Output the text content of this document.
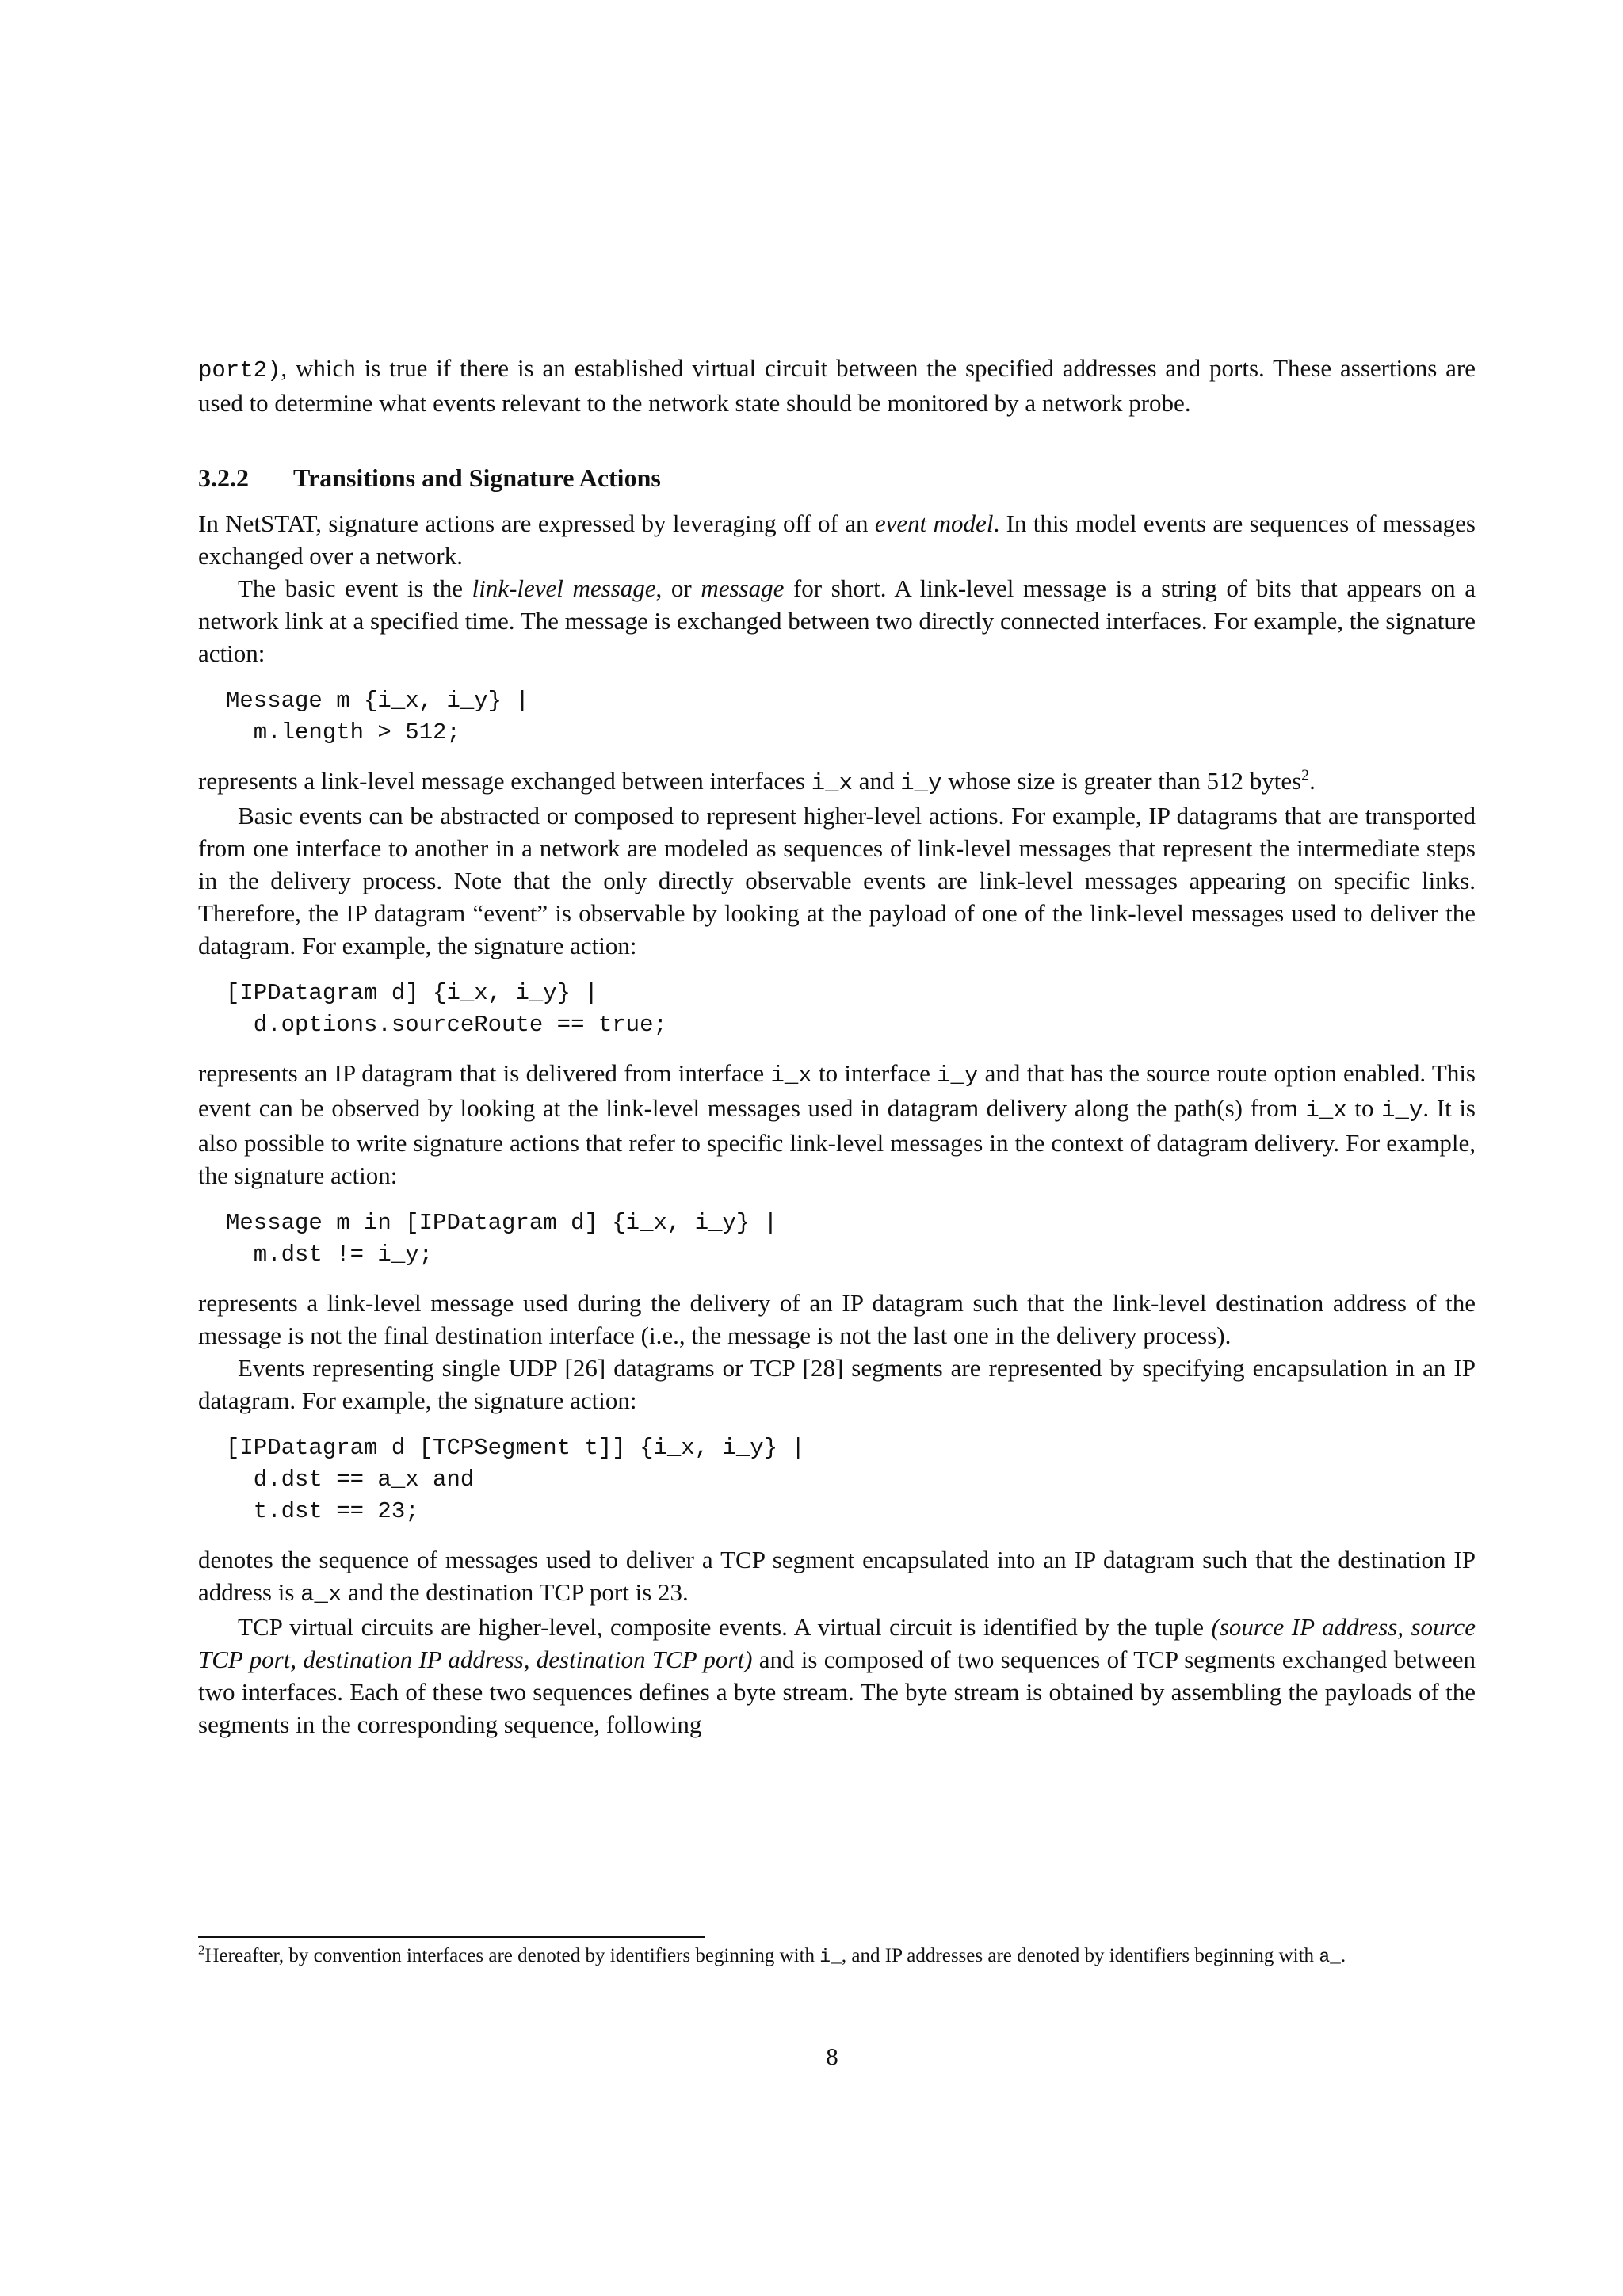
port2), which is true if there is an established virtual circuit between the specified addresses and ports. These assertions are used to determine what events relevant to the network state should be monitored by a network probe.

3.2.2 Transitions and Signature Actions

In NetSTAT, signature actions are expressed by leveraging off of an event model. In this model events are sequences of messages exchanged over a network.

The basic event is the link-level message, or message for short. A link-level message is a string of bits that appears on a network link at a specified time. The message is exchanged between two directly connected interfaces. For example, the signature action:

Message m {i_x, i_y} |
m.length > 512;

represents a link-level message exchanged between interfaces i_x and i_y whose size is greater than 512 bytes$^2$.

Basic events can be abstracted or composed to represent higher-level actions. For example, IP datagrams that are transported from one interface to another in a network are modeled as sequences of link-level messages that represent the intermediate steps in the delivery process. Note that the only directly observable events are link-level messages appearing on specific links. Therefore, the IP datagram “event” is observable by looking at the payload of one of the link-level messages used to deliver the datagram. For example, the signature action:

[IPDatagram d] {i_x, i_y} |
d.options.sourceRoute == true;

represents an IP datagram that is delivered from interface i_x to interface i_y and that has the source route option enabled. This event can be observed by looking at the link-level messages used in datagram delivery along the path(s) from i_x to i_y. It is also possible to write signature actions that refer to specific link-level messages in the context of datagram delivery. For example, the signature action:

Message m in [IPDatagram d] {i_x, i_y} |
m.dst != i_y;

represents a link-level message used during the delivery of an IP datagram such that the link-level destination address of the message is not the final destination interface (i.e., the message is not the last one in the delivery process).

Events representing single UDP [26] datagrams or TCP [28] segments are represented by specifying encapsulation in an IP datagram. For example, the signature action:

[IPDatagram d [TCPSegment t]] {i_x, i_y} |
d.dst == a_x and
t.dst == 23;

denotes the sequence of messages used to deliver a TCP segment encapsulated into an IP datagram such that the destination IP address is a_x and the destination TCP port is 23.

TCP virtual circuits are higher-level, composite events. A virtual circuit is identified by the tuple (source IP address, source TCP port, destination IP address, destination TCP port) and is composed of two sequences of TCP segments exchanged between two interfaces. Each of these two sequences defines a byte stream. The byte stream is obtained by assembling the payloads of the segments in the corresponding sequence, following

$^2$Hereafter, by convention interfaces are denoted by identifiers beginning with i_, and IP addresses are denoted by identifiers beginning with a_.
8
